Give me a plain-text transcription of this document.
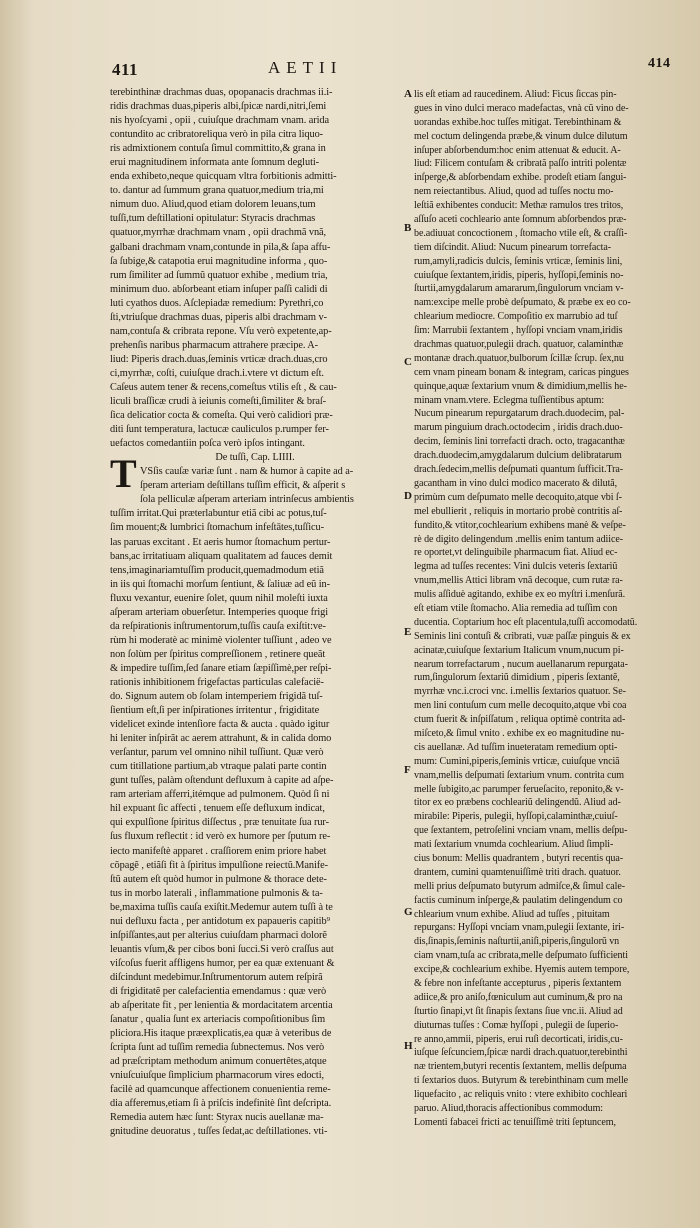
411	AETII	414
terebinthinæ drachmas duas, opopanacis drachmas ii.i-
ridis drachmas duas,piperis albi,ſpicæ nardi,nitri,ſemi
nis hyoſcyami , opii , cuiuſque drachmam vnam. arida
contundito ac cribratoreliqua verò in pila citra liquo-
ris admixtionem contuſa ſimul committito,& grana in
erui magnitudinem informata ante ſomnum degluti-
enda exhibeto,neque quicquam vltra forbitionis admitti-
to. dantur ad ſummum grana quatuor,medium tria,mi
nimum duo. Aliud,quod etiam dolorem leuans,tum
tuſſi,tum deſtillationi opitulatur: Styracis drachmas
quatuor,myrrhæ drachmam vnam , opii drachmã vnã,
galbani drachmam vnam,contunde in pila,& ſapa affu-
ſa ſubige,& catapotia erui magnitudine informa , quo-
rum ſimiliter ad ſummũ quatuor exhibe , medium tria,
minimum duo. abſorbeant etiam inſuper paſſi calidi di
luti cyathos duos. Aſclepiadæ remedium: Pyrethri,co
ſti,vtriuſque drachmas duas, piperis albi drachmam v-
nam,contuſa & cribrata repone. Vſu verò expetente,ap-
prehenſis naribus pharmacum attrahere præcipe. A-
liud: Piperis drach.duas,ſeminis vrticæ drach.duas,cro
ci,myrrhæ, coſti, cuiuſque drach.i.vtere vt dictum eſt.
Caſeus autem tener & recens,comeſtus vtilis eſt , & cau-
liculi braſſicæ crudi à ieiunis comeſti,ſimiliter & braſ-
ſica delicatior cocta & comeſta. Qui verò calidiori præ-
diti ſunt temperatura, lactucæ cauliculos p.rumper fer-
uefactos comedantiin poſca verò ipſos intingant.
De tuſſi, Cap. LIIII.
VSſis cauſæ variæ ſunt . nam & humor à capite ad a-
ſperam arteriam deſtillans tuſſim efficit, & aſperit s
ſola pelliculæ aſperam arteriam intrinſecus ambientis
tuſſim irritat.Qui præterlabuntur etiã cibi ac potus,tuſ-
ſim mouent;& lumbrici ſtomachum infeſtātes,tuſſicu-
las paruas excitant . Et aeris humor ſtomachum pertur-
bans,ac irritatiuam aliquam qualitatem ad fauces demit
tens,imaginariamtuſſim producit,quemadmodum etiã
in iis qui ſtomachi morſum ſentiunt, & ſaliuæ ad eũ in-
fluxu vexantur, euenire ſolet, quum nihil moleſti iuxta
aſperam arteriam obuerſetur. Intemperies quoque frigi
da reſpirationis inſtrumentorum,tuſſis cauſa exiſtit:ve-
rùm hi moderatè ac minimè violenter tuſſiunt , adeo ve
non ſolùm per ſpiritus compreſſionem , retinere queãt
& impedire tuſſim,ſed ſanare etiam ſæpiſſimè,per reſpi-
rationis inhibitionem frigefactas particulas calefacië-
do. Signum autem ob ſolam intemperiem frigidã tuſ-
ſientium eſt,ſi per inſpirationes irritentur , frigiditate
videlicet exinde intenſiore facta & aucta . quàdo igitur
hi leniter inſpirãt ac aerem attrahunt, & in calida domo
verſantur, parum vel omnino nihil tuſſiunt. Quæ verò
cum titillatione partium,ab vtraque palati parte contin
gunt tuſſes, palàm oſtendunt defluxum à capite ad aſpe-
ram arteriam afferri,itémque ad pulmonem. Quòd ſi ni
hil expuant ſic affecti , tenuem eſſe defluxum indicat,
qui expulſione ſpiritus diſſectus , præ tenuitate ſua rur-
ſus fluxum reflectit : id verò ex humore per ſputum re-
iecto manifeſtè apparet . craſſiorem enim priore habet
cõpagẽ , etiãſi fit à ſpiritus impulſione reiectũ.Manife-
ſtũ autem eſt quòd humor in pulmone & thorace dete-
tus in morbo laterali , inflammatione pulmonis & ta-
be,maxima tuſſis cauſa exiſtit.Medemur autem tuſſi à te
nui defluxu facta , per antidotum ex papaueris capitib⁹
inſpiſſantes,aut per alterius cuiuſdam pharmaci dolorẽ
leuantis vſum,& per cibos boni ſucci.Si verò craſſus aut
viſcoſus fuerit affligens humor, per ea quæ extenuant &
diſcindunt medebimur.Inſtrumentorum autem reſpirã
di frigiditatẽ per calefacientia emendamus : quæ verò
ab aſperitate fit , per lenientia & mordacitatem arcentia
ſanatur , qualia ſunt ex arteriacis compoſitionibus ſim
pliciora.His itaque præexplicatis,ea quæ à veteribus de
ſcripta ſunt ad tuſſim remedia ſubnectemus. Nos verò
ad præſcriptam methodum animum conuertêtes,atque
vniuſcuiuſque ſimplicium pharmacorum vires edocti,
facilè ad quamcunque affectionem conuenientia reme-
dia afferemus,etiam ſi à priſcis indefinitè ſint deſcripta.
Remedia autem hæc ſunt: Styrax nucis auellanæ ma-
gnitudine deuoratus , tuſſes ſedat,ac deſtillationes. vti-
lis eſt etiam ad raucedinem. Aliud: Ficus ſiccas pin-
gues in vino dulci meraco madefactas, vnà cũ vino de-
uorandas exhibe.hoc tuſſes mitigat. Terebinthinam &
mel coctum delingenda præbe,& vinum dulce dilutum
inſuper abſorbendum:hoc enim attenuat & educit. A-
liud: Filicem contuſam & cribratã paſſo intriti polentæ
inſperge,& abſorbendam exhibe. prodeſt etiam ſangui-
nem reiectantibus. Aliud, quod ad tuſſes noctu mo-
leſtiã exhibentes conducit: Methæ ramulos tres tritos,
aſſuſo aceti cochleario ante ſomnum abſorbendos præ-
be.adiuuat concoctionem , ſtomacho vtile eſt, & craſſi-
tiem diſcindit. Aliud: Nucum pinearum torrefacta-
rum,amyli,radicis dulcis, ſeminis vrticæ, ſeminis lini,
cuiuſque ſextantem,iridis, piperis, hyſſopi,ſeminis no-
ſturtii,amygdalarum amararum,ſingulorum vnciam v-
nam:excipe melle probè deſpumato, & præbe ex eo co-
chlearium mediocre. Compoſitio ex marrubio ad tuſ
ſim: Marrubii ſextantem , hyſſopi vnciam vnam,iridis
drachmas quatuor,pulegii drach. quatuor, calaminthæ
montanæ drach.quatuor,bulborum ſcillæ ſcrup. ſex,nu
cem vnam pineam bonam & integram, caricas pingues
quinque,aquæ ſextarium vnum & dimidium,mellis he-
minam vnam.vtere. Eclegma tuſſientibus aptum:
Nucum pinearum repurgatarum drach.duodecim, pal-
marum pinguium drach.octodecim , iridis drach.duo-
decim, ſeminis lini torrefacti drach. octo, tragacanthæ
drach.duodecim,amygdalarum dulcium delibratarum
drach.ſedecim,mellis deſpumati quantum ſufficit.Tra-
gacantham in vino dulci modico macerato & dilutã,
primùm cum deſpumato melle decoquito,atque vbi ſ-
mel ebullierit , reliquis in mortario probè contritis aſ-
fundito,& vtitor,cochlearium exhibens manè & veſpe-
rè de digito delingendum .mellis enim tantum adiice-
re oportet,vt delinguibile pharmacum fiat. Aliud ec-
legma ad tuſſes recentes: Vini dulcis veteris ſextariũ
vnum,mellis Attici libram vnã decoque, cum rutæ ra-
mulis aſſiduè agitando, exhibe ex eo myſtri i.menſurã.
eſt etiam vtile ſtomacho. Alia remedia ad tuſſim con
ducentia. Coptarium hoc eſt placentula,tuſſi accomodatũ.
Seminis lini contuſi & cribrati, vuæ paſſæ pinguis & ex
acinatæ,cuiuſque ſextarium Italicum vnum,nucum pi-
nearum torrefactarum , nucum auellanarum repurgata-
rum,ſingulorum ſextariũ dimidium , piperis ſextantẽ,
myrrhæ vnc.i.croci vnc. i.mellis ſextarios quatuor. Se-
men lini contuſum cum melle decoquito,atque vbi coa
ctum fuerit & inſpiſſatum , reliqua optimè contrita ad-
miſceto,& ſimul vnito . exhibe ex eo magnitudine nu-
cis auellanæ. Ad tuſſim inueteratam remedium opti-
mum: Cumini,piperis,ſeminis vrticæ, cuiuſque vnciã
vnam,mellis deſpumati ſextarium vnum. contrita cum
melle ſubigito,ac parumper ferueſacito, reponito,& v-
titor ex eo præbens cochleariũ delingendũ. Aliud ad-
mirabile: Piperis, pulegii, hyſſopi,calaminthæ,cuiuſ-
que ſextantem, petroſelini vnciam vnam, mellis deſpu-
mati ſextarium vnumda cochlearium. Aliud ſimpli-
cius bonum: Mellis quadrantem , butyri recentis qua-
drantem, cumini quamtenuiſſimè triti drach. quatuor.
melli prius deſpumato butyrum admiſce,& ſimul cale-
factis cuminum inſperge,& paulatim delingendum co
chlearium vnum exhibe. Aliud ad tuſſes , pituitam
repurgans: Hyſſopi vnciam vnam,pulegii ſextante, iri-
dis,ſinapis,ſeminis naſturtii,aniſi,piperis,ſingulorũ vn
ciam vnam,tuſa ac cribrata,melle deſpumato ſufficienti
excipe,& cochlearium exhibe. Hyemis autem tempore,
& febre non infeſtante accepturus , piperis ſextantem
adiice,& pro aniſo,fœniculum aut cuminum,& pro na
ſturtio ſinapi,vt ſit ſinapis ſextans ſiue vnc.ii. Aliud ad
diuturnas tuſſes : Comæ hyſſopi , pulegii de ſuperio-
re anno,ammii, piperis, erui ruſi decorticati, iridis,cu-
iuſque ſeſcunciem,ſpicæ nardi drach.quatuor,terebinthi
næ trientem,butyri recentis ſextantem, mellis deſpuma
ti ſextarios duos. Butyrum & terebinthinam cum melle
liquefacito , ac reliquis vnito : vtere exhibito cochleari
paruo. Aliud,thoracis affectionibus commodum:
Lomenti fabacei fricti ac tenuiſſimè triti ſeptuncem,
A
B
C
D
E
F
G
H
T
